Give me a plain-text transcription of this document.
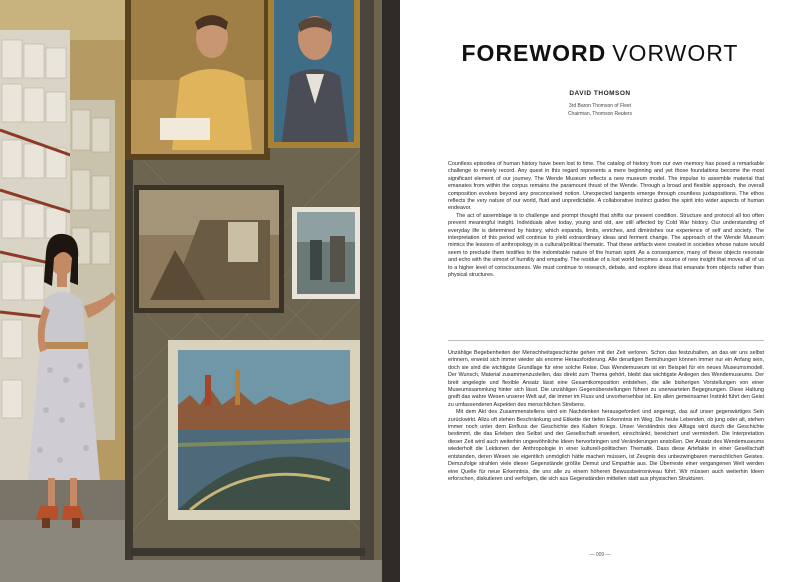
FOREWORD VORWORT
DAVID THOMSON
3rd Baron Thomson of Fleet
Chairman, Thomson Reuters

Countless episodes of human history have been lost to time. The catalog of history from our own memory has posed a remarkable challenge to merely record. Any quest in this regard represents a mere beginning and yet those foundations become the most significant element of our journey. The Wende Museum reflects a new museum model. The impulse to assemble material that emanates from within the corpus remains the paramount thrust of the Wende. Through a broad and flexible approach, the overall composition evolves beyond any preconceived notion. Unexpected tangents emerge through countless juxtapositions. The ethos reflects the very nature of our world, fluid and unpredictable. A collaborative instinct guides the spirit into wider aspects of human endeavor.

The act of assemblage is to challenge and prompt thought that shifts our present condition. Structure and protocol all too often prevent meaningful insight. Individuals alive today, young and old, are still affected by Cold War history. Our understanding of everyday life is determined by history, which expands, limits, enriches, and diminishes our experience of self and society. The interpretation of this period will continue to yield extraordinary ideas and ferment change. The approach of the Wende Museum mimics the lessons of anthropology in a cultural/political thematic. That these artifacts were created in societies whose nature would seem to preclude them testifies to the indomitable nature of the human spirit. As a consequence, many of these objects resonate and echo with the utmost of humility and empathy. The residue of a lost world becomes a source of new insight that moves all of us to a higher level of consciousness. We must continue to research, debate, and explore ideas that emanate from objects rather than physical structures.

Unzählige Begebenheiten der Menschheitsgeschichte gehen mit der Zeit verloren. Schon das festzuhalten, an das wir uns selbst erinnern, erweist sich immer wieder als enorme Herausforderung. Alle derartigen Bemühungen können immer nur ein Anfang sein, doch sie sind die wichtigste Grundlage für eine solche Reise. Das Wendemuseum ist ein Beispiel für ein neues Museumsmodell. Der Wunsch, Material zusammenzustellen, das direkt zum Thema gehört, bleibt das wichtigste Anliegen des Wendemuseums. Der breit angelegte und flexible Ansatz lässt eine Gesamtkomposition entstehen, die alle bisherigen Vorstellungen von einer Museumssammlung hinter sich lässt. Die unzähligen Gegenüberstellungen führen zu unerwarteten Begegnungen. Diese Haltung greift das wahre Wesen unserer Welt auf, die immer im Fluss und unvorhersehbar ist. Ein allen gemeinsamer Instinkt führt den Geist zu umfassenderen Aspekten des menschlichen Strebens.

Mit dem Akt des Zusammenstellens wird ein Nachdenken herausgefordert und angeregt, das auf unser gegenwärtiges Sein zurückwirkt. Allzu oft stehen Beschränkung und Etikette der tiefen Erkenntnis im Weg. Die heute Lebenden, ob jung oder alt, stehen immer noch unter dem Einfluss der Geschichte des Kalten Kriegs. Unser Verständnis des Alltags wird durch die Geschichte bestimmt, die das Erleben des Selbst und der Gesellschaft erweitert, einschränkt, bereichert und vermindert. Die Interpretation dieser Zeit wird auch weiterhin ungewöhnliche Ideen hervorbringen und Veränderungen anstoßen. Der Ansatz des Wendemuseums wiederholt die Lektionen der Anthropologie in einer kulturell-politischen Thematik. Dass diese Artefakte in einer Gesellschaft entstanden, deren Wesen sie eigentlich unmöglich hätte machen müssen, ist Zeugnis des unbezwingbaren menschlichen Geistes. Demzufolge strahlen viele dieser Gegenstände größte Demut und Empathie aus. Die Überreste einer vergangenen Welt werden eine Quelle für neue Erkenntnis, die uns alle zu einem höheren Bewusstseinsniveau führt. Wir müssen auch weiterhin Ideen erforschen, diskutieren und verfolgen, die sich aus Gegenständen mitteilen statt aus physischen Strukturen.

— 009 —
